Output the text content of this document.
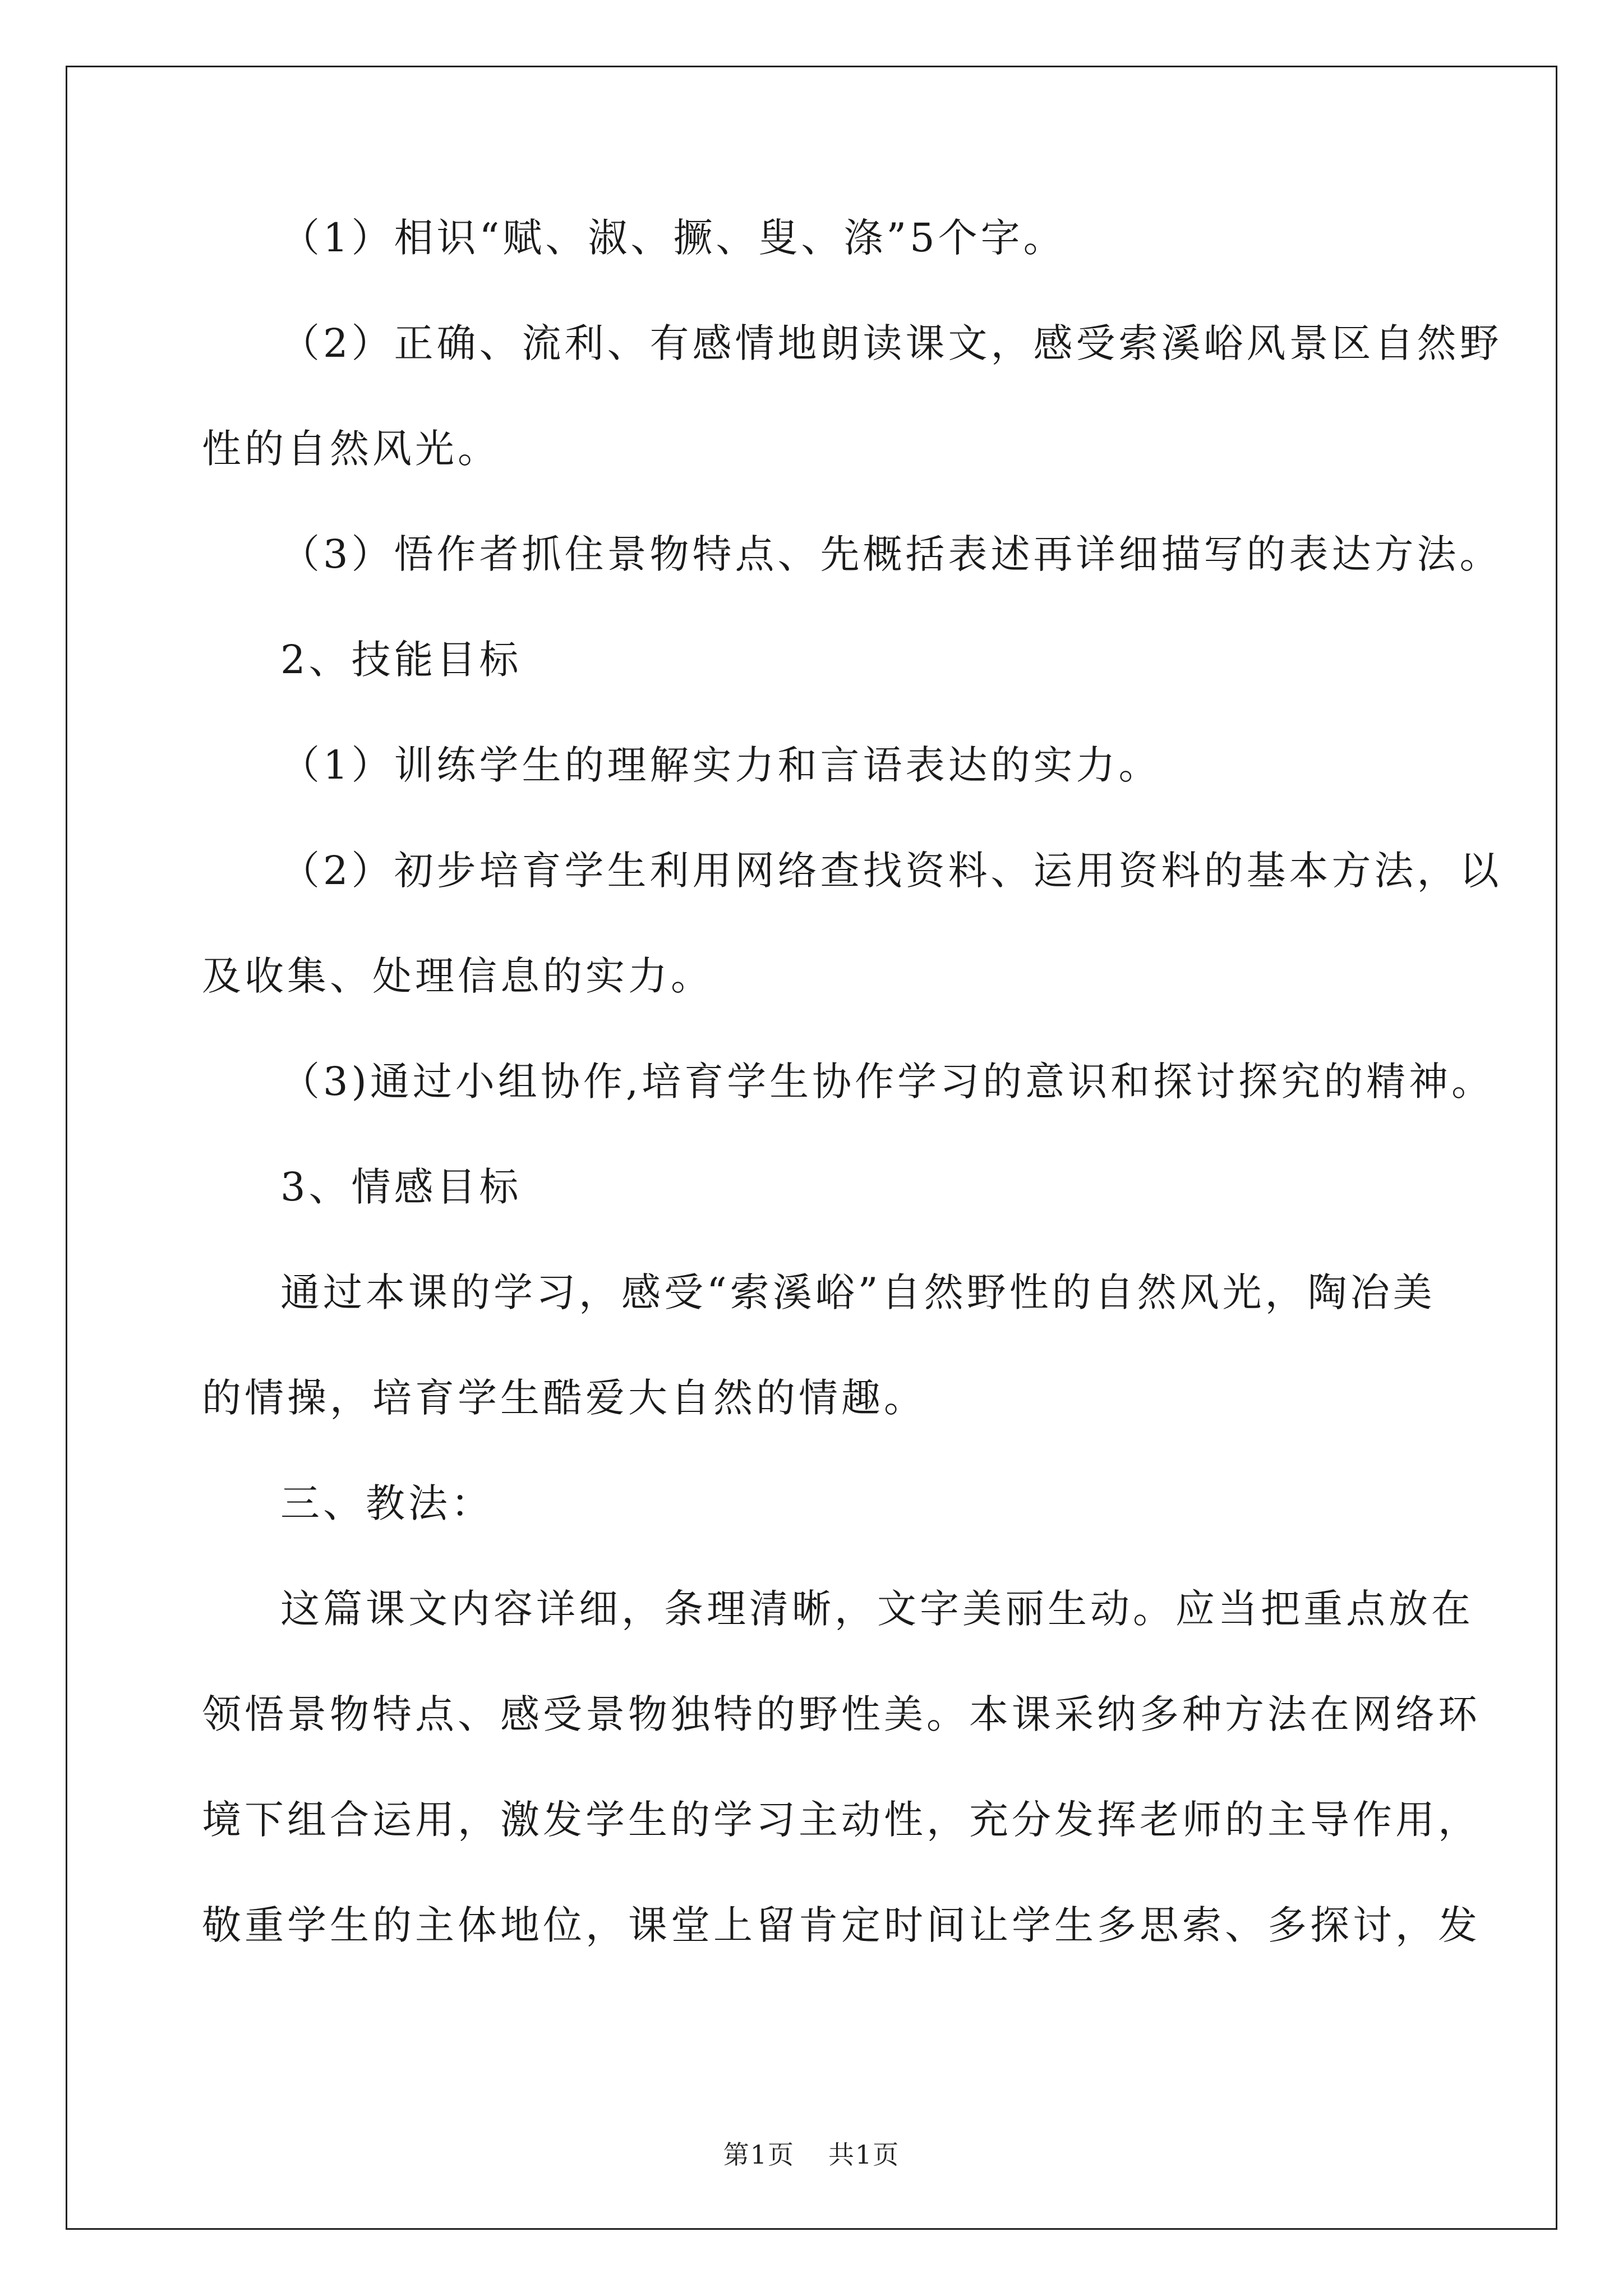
（1）相识“赋、淑、撅、叟、涤”5个字。

（2）正确、流利、有感情地朗读课文，感受索溪峪风景区自然野
性的自然风光。

（3）悟作者抓住景物特点、先概括表述再详细描写的表达方法。

2、技能目标

（1）训练学生的理解实力和言语表达的实力。

（2）初步培育学生利用网络查找资料、运用资料的基本方法，以
及收集、处理信息的实力。

（3)通过小组协作,培育学生协作学习的意识和探讨探究的精神。

3、情感目标

通过本课的学习，感受“索溪峪”自然野性的自然风光，陶冶美
的情操，培育学生酷爱大自然的情趣。

三、教法：

这篇课文内容详细，条理清晰，文字美丽生动。应当把重点放在
领悟景物特点、感受景物独特的野性美。本课采纳多种方法在网络环
境下组合运用，激发学生的学习主动性，充分发挥老师的主导作用，
敬重学生的主体地位，课堂上留肯定时间让学生多思索、多探讨，发

第1页 共1页
